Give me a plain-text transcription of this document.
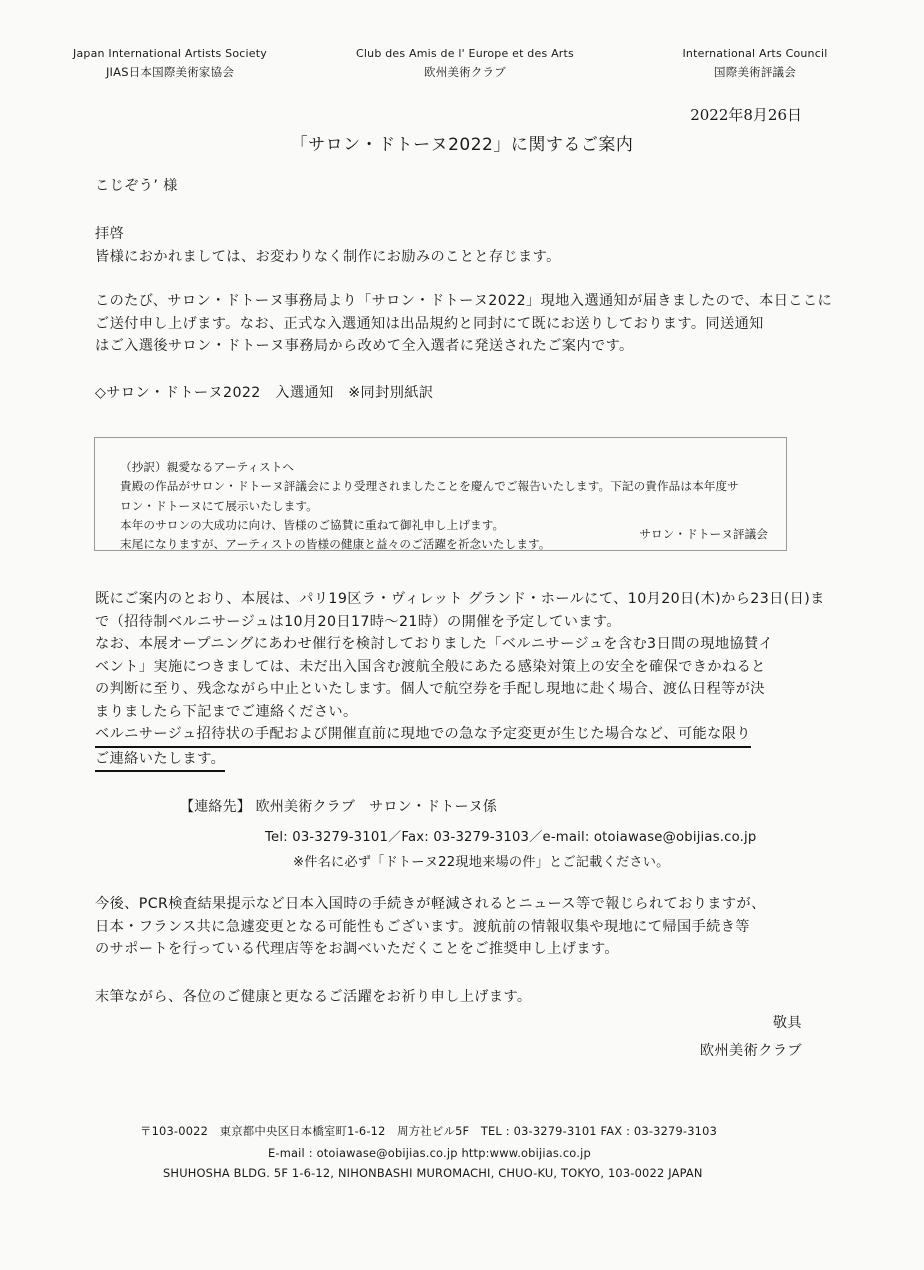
Japan International Artists Society
JIAS日本国際美術家協会
Club des Amis de l' Europe et des Arts
欧州美術クラブ
International Arts Council
国際美術評議会
2022年8月26日
「サロン・ドトーヌ2022」に関するご案内
こじぞう’ 様
拝啓
皆様におかれましては、お変わりなく制作にお励みのことと存じます。
このたび、サロン・ドトーヌ事務局より「サロン・ドトーヌ2022」現地入選通知が届きましたので、本日ここに
ご送付申し上げます。なお、正式な入選通知は出品規約と同封にて既にお送りしております。同送通知
はご入選後サロン・ドトーヌ事務局から改めて全入選者に発送されたご案内です。
◇サロン・ドトーヌ2022　入選通知　※同封別紙訳
（抄訳）親愛なるアーティストへ
貴殿の作品がサロン・ドトーヌ評議会により受理されましたことを慶んでご報告いたします。下記の貴作品は本年度サ
ロン・ドトーヌにて展示いたします。
本年のサロンの大成功に向け、皆様のご協賛に重ねて御礼申し上げます。
末尾になりますが、アーティストの皆様の健康と益々のご活躍を祈念いたします。
サロン・ドトーヌ評議会
既にご案内のとおり、本展は、パリ19区ラ・ヴィレット グランド・ホールにて、10月20日(木)から23日(日)ま
で（招待制ベルニサージュは10月20日17時～21時）の開催を予定しています。
なお、本展オープニングにあわせ催行を検討しておりました「ベルニサージュを含む3日間の現地協賛イ
ベント」実施につきましては、未だ出入国含む渡航全般にあたる感染対策上の安全を確保できかねると
の判断に至り、残念ながら中止といたします。個人で航空券を手配し現地に赴く場合、渡仏日程等が決
まりましたら下記までご連絡ください。
ベルニサージュ招待状の手配および開催直前に現地での急な予定変更が生じた場合など、可能な限り
ご連絡いたします。
【連絡先】 欧州美術クラブ　サロン・ドトーヌ係
Tel: 03-3279-3101／Fax: 03-3279-3103／e-mail: otoiawase@obijias.co.jp
※件名に必ず「ドトーヌ22現地来場の件」とご記載ください。
今後、PCR検査結果提示など日本入国時の手続きが軽減されるとニュース等で報じられておりますが、
日本・フランス共に急遽変更となる可能性もございます。渡航前の情報収集や現地にて帰国手続き等
のサポートを行っている代理店等をお調べいただくことをご推奨申し上げます。
末筆ながら、各位のご健康と更なるご活躍をお祈り申し上げます。
敬具
欧州美術クラブ
〒103-0022　東京都中央区日本橋室町1-6-12　周方社ビル5F　TEL : 03-3279-3101 FAX : 03-3279-3103
E-mail : otoiawase@obijias.co.jp http:www.obijias.co.jp
SHUHOSHA BLDG. 5F 1-6-12, NIHONBASHI MUROMACHI, CHUO-KU, TOKYO, 103-0022 JAPAN
